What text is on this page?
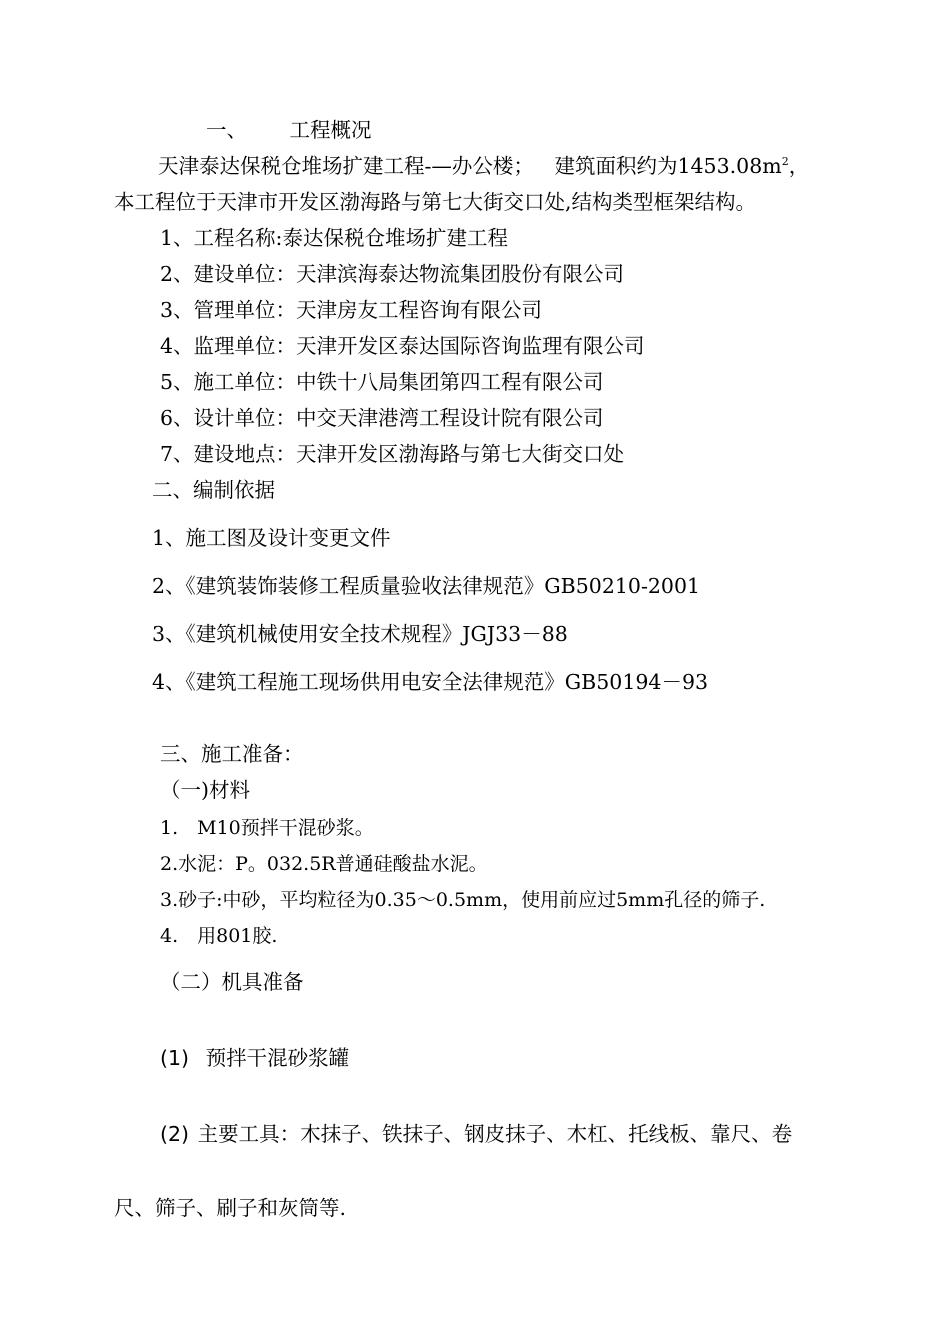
一、 工程概况
天津泰达保税仓堆场扩建工程-—办公楼； 建筑面积约为$1453.08m^2$，
本工程位于天津市开发区渤海路与第七大街交口处,结构类型框架结构。
1、工程名称:泰达保税仓堆场扩建工程
2、建设单位：天津滨海泰达物流集团股份有限公司
3、管理单位：天津房友工程咨询有限公司
4、监理单位：天津开发区泰达国际咨询监理有限公司
5、施工单位：中铁十八局集团第四工程有限公司
6、设计单位：中交天津港湾工程设计院有限公司
7、建设地点：天津开发区渤海路与第七大街交口处
二、编制依据
1、施工图及设计变更文件
2、《建筑装饰装修工程质量验收法律规范》GB50210-2001
3、《建筑机械使用安全技术规程》JGJ33－88
4、《建筑工程施工现场供用电安全法律规范》GB50194－93
三、施工准备：
（一)材料
1.　M10预拌干混砂浆。
2.水泥：P。032.5R普通硅酸盐水泥。
3.砂子:中砂，平均粒径为0.35～0.5mm，使用前应过5mm孔径的筛子.
4.　用801胶.
（二）机具准备
(1) 预拌干混砂浆罐
(2) 主要工具：木抹子、铁抹子、钢皮抹子、木杠、托线板、靠尺、卷
尺、筛子、刷子和灰筒等.
